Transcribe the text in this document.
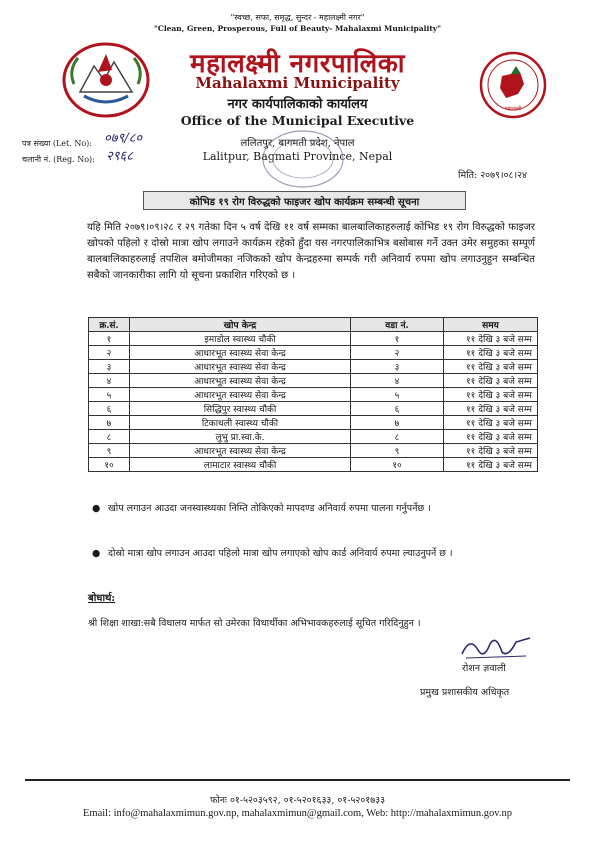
"स्वच्छ, सफा, समृद्ध, सुन्दर - महालक्ष्मी नगर"
"Clean, Green, Prosperous, Full of Beauty- Mahalaxmi Municipality"
महालक्ष्मी
महालक्ष्मी नगरपालिका
Mahalaxmi Municipality
नगर कार्यपालिकाको कार्यालय
Office of the Municipal Executive
ललितपुर, बागमती प्रदेश, नेपाल
Lalitpur, Bagmati Province, Nepal
पत्र संख्या (Let. No): ०७९/८०
चलानी नं. (Reg. No): २९६८
मिति: २०७९।०८।२४
कोभिड १९ रोग विरुद्धको फाइजर खोप कार्यक्रम सम्बन्धी सूचना
यहि मिति २०७९।०९।२८ र २९ गतेका दिन ५ वर्ष देखि ११ वर्ष सम्मका बालबालिकाहरुलाई कोभिड १९ रोग विरुद्धको फाइजर खोपको पहिलो र दोस्रो मात्रा खोप लगाउने कार्यक्रम रहेको हुँदा यस नगरपालिकाभित्र बसोबास गर्ने उक्त उमेर समुहका सम्पूर्ण बालबालिकाहरुलाई तपशिल बमोजीमका नजिकको खोप केन्द्रहरुमा सम्पर्क गरी अनिवार्य रुपमा खोप लगाउनुहुन सम्बन्धित सबैको जानकारीका लागि यो सूचना प्रकाशित गरिएको छ ।
क्र.सं.	खोप केन्द्र	वडा नं.	समय
१	इमाडोल स्वास्थ्य चौकी	१	११ देखि ३ बजे सम्म
२	आधारभूत स्वास्थ्य सेवा केन्द्र	२	११ देखि ३ बजे सम्म
३	आधारभूत स्वास्थ्य सेवा केन्द्र	३	११ देखि ३ बजे सम्म
४	आधारभूत स्वास्थ्य सेवा केन्द्र	४	११ देखि ३ बजे सम्म
५	आधारभूत स्वास्थ्य सेवा केन्द्र	५	११ देखि ३ बजे सम्म
६	सिद्धिपुर स्वास्थ्य चौकी	६	११ देखि ३ बजे सम्म
७	टिकाथली स्वास्थ्य चौकी	७	११ देखि ३ बजे सम्म
८	लुभु प्रा.स्वा.के.	८	११ देखि ३ बजे सम्म
९	आधारभूत स्वास्थ्य सेवा केन्द्र	९	११ देखि ३ बजे सम्म
१०	लामाटार स्वास्थ्य चौकी	१०	११ देखि ३ बजे सम्म
● खोप लगाउन आउदा जनस्वास्थ्यका निम्ति तोकिएको मापदण्ड अनिवार्य रुपमा पालना गर्नुपर्नेछ ।
● दोस्रो मात्रा खोप लगाउन आउदा पहिलो मात्रा खोप लगाएको खोप कार्ड अनिवार्य रुपमा ल्याउनुपर्ने छ ।
बोधार्थ:
श्री शिक्षा शाखा:सबै विधालय मार्फत सो उमेरका विधार्थीका अभिभावकहरुलाई सूचित गरिदिनुहुन ।
रोशन ज्ञवाली
प्रमुख प्रशासकीय अधिकृत
फोनः ०१-५२०३५९२, ०१-५२०१६३३, ०१-५२०१७३३
Email: info@mahalaxmimun.gov.np, mahalaxmimun@gmail.com, Web: http://mahalaxmimun.gov.np
